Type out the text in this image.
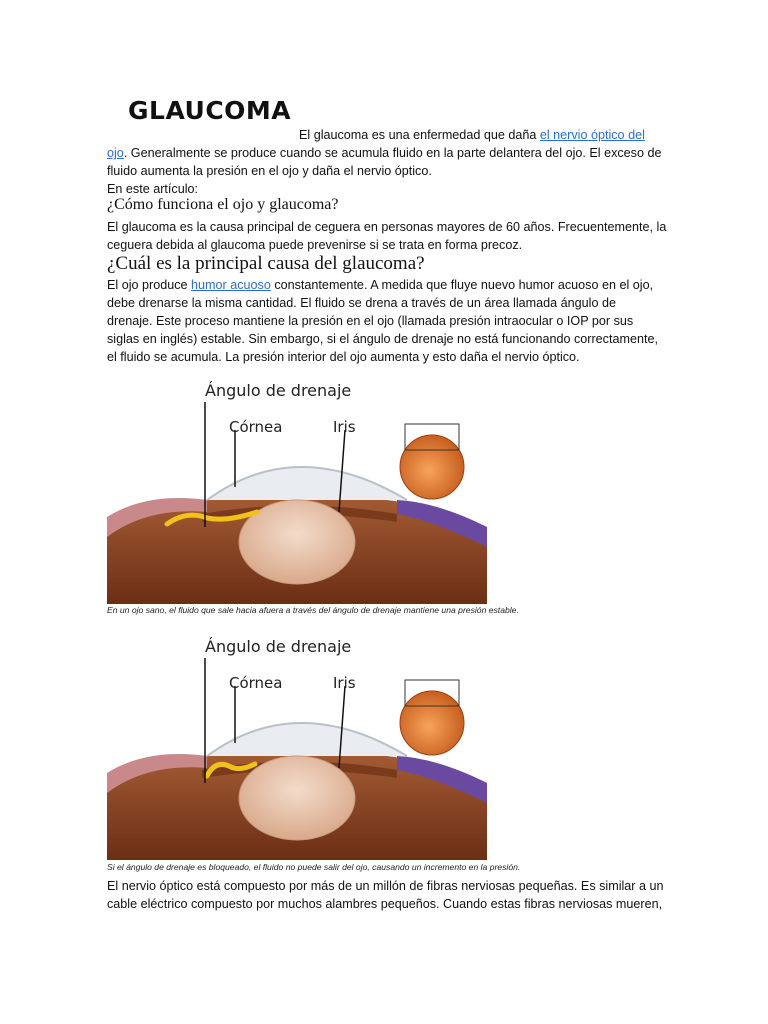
GLAUCOMA
El glaucoma es una enfermedad que daña el nervio óptico del
ojo. Generalmente se produce cuando se acumula fluido en la parte delantera del ojo. El exceso de
fluido aumenta la presión en el ojo y daña el nervio óptico.
En este artículo:
¿Cómo funciona el ojo y glaucoma?
El glaucoma es la causa principal de ceguera en personas mayores de 60 años. Frecuentemente, la
ceguera debida al glaucoma puede prevenirse si se trata en forma precoz.
¿Cuál es la principal causa del glaucoma?
El ojo produce humor acuoso constantemente. A medida que fluye nuevo humor acuoso en el ojo,
debe drenarse la misma cantidad. El fluido se drena a través de un área llamada ángulo de
drenaje. Este proceso mantiene la presión en el ojo (llamada presión intraocular o IOP por sus
siglas en inglés) estable. Sin embargo, si el ángulo de drenaje no está funcionando correctamente,
el fluido se acumula. La presión interior del ojo aumenta y esto daña el nervio óptico.
Ángulo de drenaje
Córnea	Iris
En un ojo sano, el fluido que sale hacia afuera a través del ángulo de drenaje mantiene una presión estable.
Ángulo de drenaje
Córnea	Iris
Si el ángulo de drenaje es bloqueado, el fluido no puede salir del ojo, causando un incremento en la presión.
El nervio óptico está compuesto por más de un millón de fibras nerviosas pequeñas. Es similar a un
cable eléctrico compuesto por muchos alambres pequeños. Cuando estas fibras nerviosas mueren,
